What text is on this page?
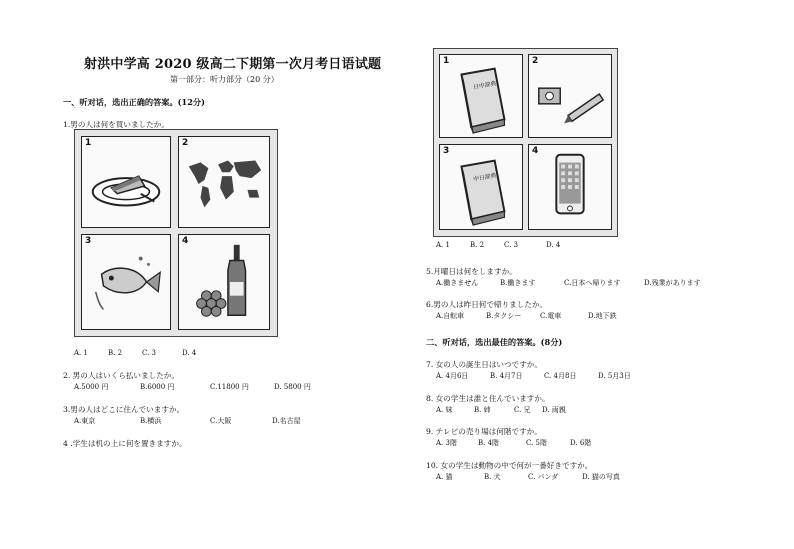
射洪中学高 2020 级高二下期第一次月考日语试题
第一部分：听力部分（20 分）
一、听对话，选出正确的答案。(12分)
1.男の人は何を買いましたか。
1	2
3	4
A. 1	B. 2	C. 3	D. 4
2. 男の人はいくら払いましたか。
A.5000 円	B.6000 円	C.11800 円	D. 5800 円
3.男の人はどこに住んでいますか。
A.東京	B.横浜	C.大阪	D.名古屋
4 .学生は机の上に何を置きますか。
日中辞典
1	2
中日辞典
3	4
A. 1	B. 2	C. 3	D. 4
5.月曜日は何をしますか。
A.働きません	B.働きます	C.日本へ帰ります	D.残業があります
6.男の人は昨日何で帰りましたか。
A.自転車	B.タクシー	C.電車	D.地下鉄
二、听对话，选出最佳的答案。(8分)
7. 女の人の誕生日はいつですか。
A. 4月6日	B. 4月7日	C. 4月8日	D. 5月3日
8. 女の学生は誰と住んでいますか。
A. 妹	B. 姉	C. 兄 D. 両親
9. テレビの売り場は何階ですか。
A. 3階	B. 4階	C. 5階	D. 6階
10. 女の学生は動物の中で何が一番好きですか。
A. 猫	B. 犬	C. パンダ	D. 猫の写真
